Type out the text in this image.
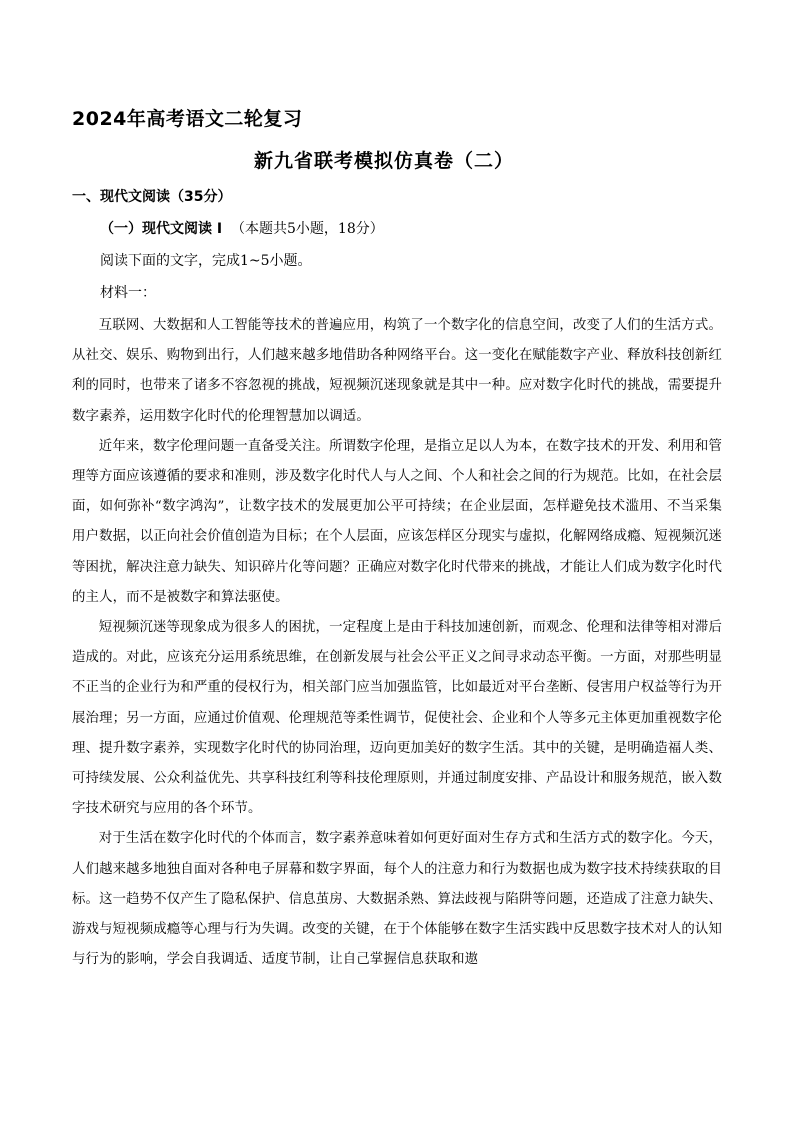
2024年高考语文二轮复习
新九省联考模拟仿真卷（二）
一、现代文阅读（35分）
（一）现代文阅读 Ⅰ （本题共5小题，18分）
阅读下面的文字，完成1~5小题。
材料一：

互联网、大数据和人工智能等技术的普遍应用，构筑了一个数字化的信息空间，改变了人们的生活方式。从社交、娱乐、购物到出行，人们越来越多地借助各种网络平台。这一变化在赋能数字产业、释放科技创新红利的同时，也带来了诸多不容忽视的挑战，短视频沉迷现象就是其中一种。应对数字化时代的挑战，需要提升数字素养，运用数字化时代的伦理智慧加以调适。

近年来，数字伦理问题一直备受关注。所谓数字伦理，是指立足以人为本，在数字技术的开发、利用和管理等方面应该遵循的要求和准则，涉及数字化时代人与人之间、个人和社会之间的行为规范。比如，在社会层面，如何弥补“数字鸿沟”，让数字技术的发展更加公平可持续；在企业层面，怎样避免技术滥用、不当采集用户数据，以正向社会价值创造为目标；在个人层面，应该怎样区分现实与虚拟，化解网络成瘾、短视频沉迷等困扰，解决注意力缺失、知识碎片化等问题？正确应对数字化时代带来的挑战，才能让人们成为数字化时代的主人，而不是被数字和算法驱使。

短视频沉迷等现象成为很多人的困扰，一定程度上是由于科技加速创新，而观念、伦理和法律等相对滞后造成的。对此，应该充分运用系统思维，在创新发展与社会公平正义之间寻求动态平衡。一方面，对那些明显不正当的企业行为和严重的侵权行为，相关部门应当加强监管，比如最近对平台垄断、侵害用户权益等行为开展治理；另一方面，应通过价值观、伦理规范等柔性调节，促使社会、企业和个人等多元主体更加重视数字伦理、提升数字素养，实现数字化时代的协同治理，迈向更加美好的数字生活。其中的关键，是明确造福人类、可持续发展、公众利益优先、共享科技红利等科技伦理原则，并通过制度安排、产品设计和服务规范，嵌入数字技术研究与应用的各个环节。

对于生活在数字化时代的个体而言，数字素养意味着如何更好面对生存方式和生活方式的数字化。今天，人们越来越多地独自面对各种电子屏幕和数字界面，每个人的注意力和行为数据也成为数字技术持续获取的目标。这一趋势不仅产生了隐私保护、信息茧房、大数据杀熟、算法歧视与陷阱等问题，还造成了注意力缺失、游戏与短视频成瘾等心理与行为失调。改变的关键，在于个体能够在数字生活实践中反思数字技术对人的认知与行为的影响，学会自我调适、适度节制，让自己掌握信息获取和遨
